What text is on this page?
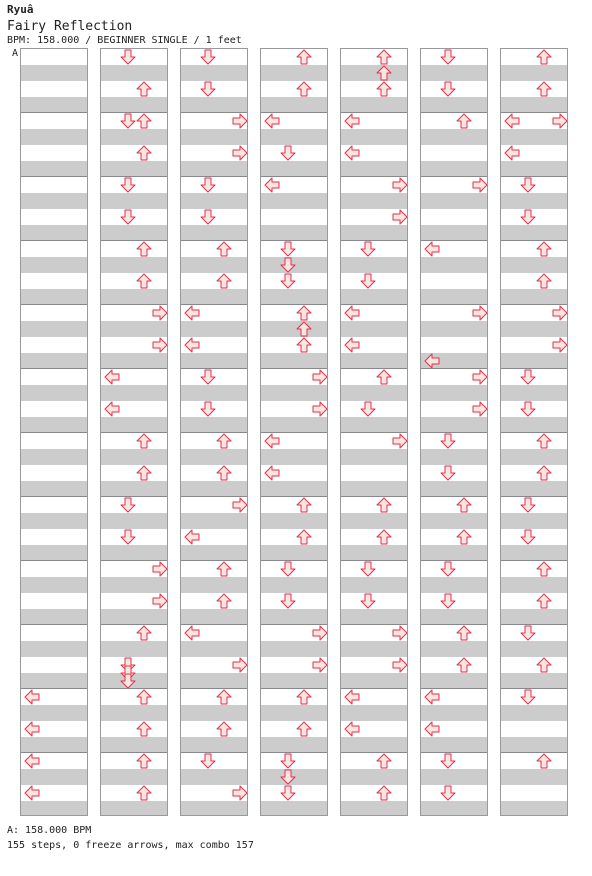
Ryuâ
Fairy Reflection
BPM: 158.000 / BEGINNER SINGLE / 1 feet
A
A: 158.000 BPM
155 steps, 0 freeze arrows, max combo 157
